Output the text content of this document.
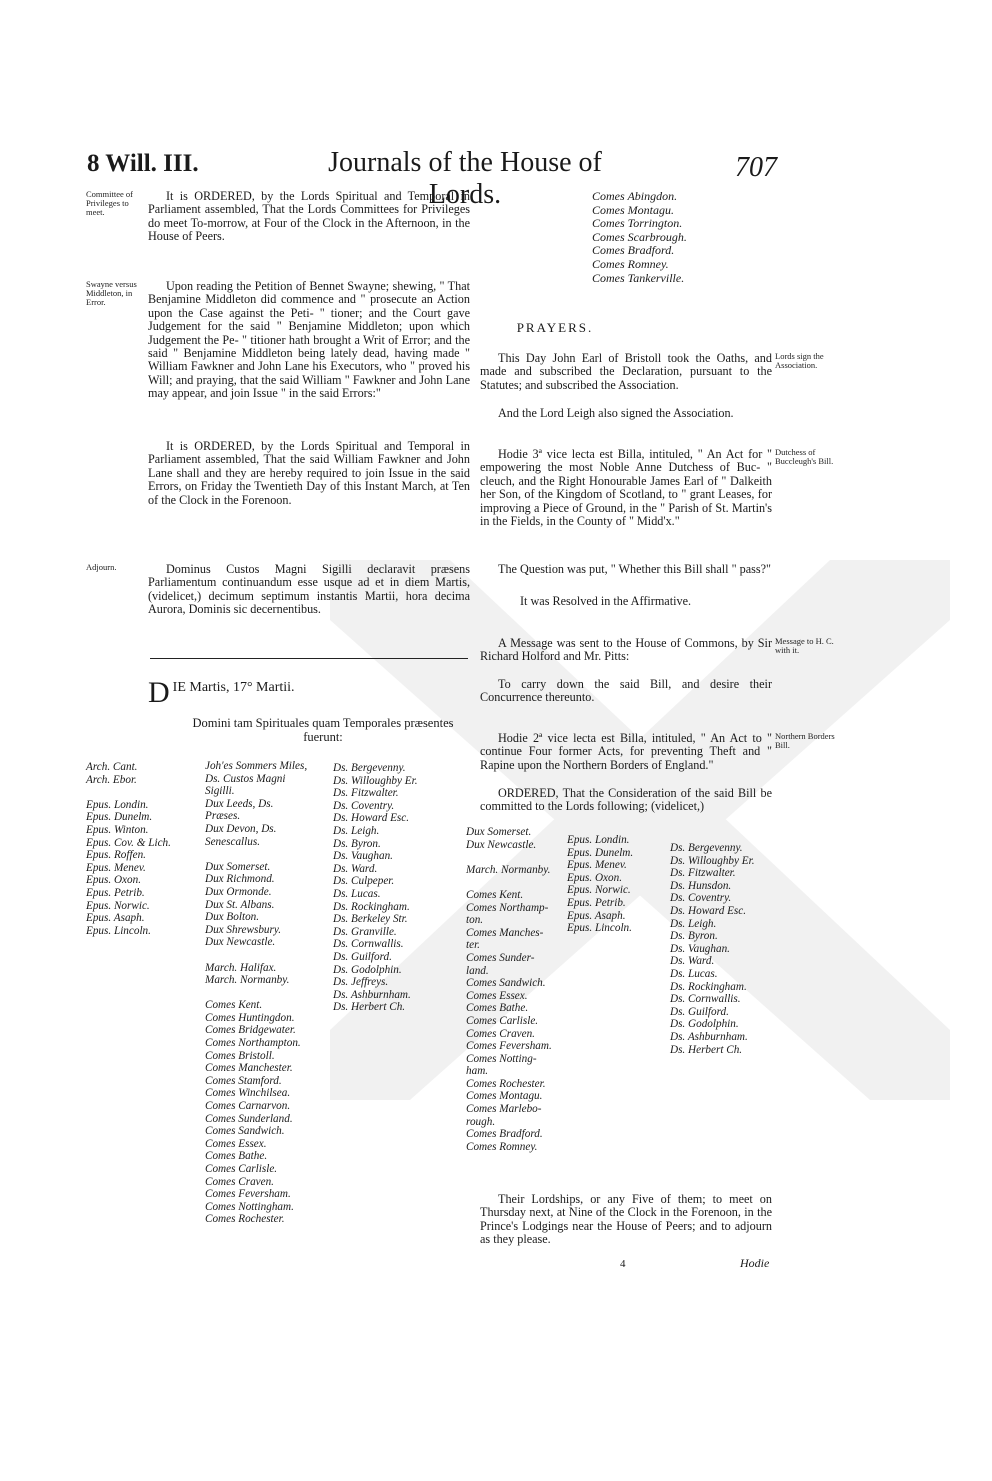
8 Will. III.	Journals of the House of Lords.
707
Committee of Privileges to meet.
Swayne versus Middleton, in Error.
Adjourn.

It is ORDERED, by the Lords Spiritual and Temporal in Parliament assembled, That the Lords Committees for Privileges do meet To-morrow, at Four of the Clock in the Afternoon, in the House of Peers.

Upon reading the Petition of Bennet Swayne; shewing, " That Benjamine Middleton did commence and " prosecute an Action upon the Case against the Peti- " tioner; and the Court gave Judgement for the said " Benjamine Middleton; upon which Judgement the Pe- " titioner hath brought a Writ of Error; and the said " Benjamine Middleton being lately dead, having made " William Fawkner and John Lane his Executors, who " proved his Will; and praying, that the said William " Fawkner and John Lane may appear, and join Issue " in the said Errors:"

It is ORDERED, by the Lords Spiritual and Temporal in Parliament assembled, That the said William Fawkner and John Lane shall and they are hereby required to join Issue in the said Errors, on Friday the Twentieth Day of this Instant March, at Ten of the Clock in the Forenoon.

Dominus Custos Magni Sigilli declaravit præsens Parliamentum continuandum esse usque ad et in diem Martis, (videlicet,) decimum septimum instantis Martii, hora decima Aurora, Dominis sic decernentibus.

D IE Martis, 17° Martii.
Domini tam Spirituales quam Temporales præsentes fuerunt:
Arch. Cant.
Arch. Ebor.

Epus. Londin.
Epus. Dunelm.
Epus. Winton.
Epus. Cov. & Lich.
Epus. Roffen.
Epus. Menev.
Epus. Oxon.
Epus. Petrib.
Epus. Norwic.
Epus. Asaph.
Epus. Lincoln.
Joh'es Sommers Miles,
Ds. Custos Magni
Sigilli.
Dux Leeds, Ds.
Præses.
Dux Devon, Ds.
Senescallus.

Dux Somerset.
Dux Richmond.
Dux Ormonde.
Dux St. Albans.
Dux Bolton.
Dux Shrewsbury.
Dux Newcastle.

March. Halifax.
March. Normanby.

Comes Kent.
Comes Huntingdon.
Comes Bridgewater.
Comes Northampton.
Comes Bristoll.
Comes Manchester.
Comes Stamford.
Comes Winchilsea.
Comes Carnarvon.
Comes Sunderland.
Comes Sandwich.
Comes Essex.
Comes Bathe.
Comes Carlisle.
Comes Craven.
Comes Feversham.
Comes Nottingham.
Comes Rochester.
Ds. Bergevenny.
Ds. Willoughby Er.
Ds. Fitzwalter.
Ds. Coventry.
Ds. Howard Esc.
Ds. Leigh.
Ds. Byron.
Ds. Vaughan.
Ds. Ward.
Ds. Culpeper.
Ds. Lucas.
Ds. Rockingham.
Ds. Berkeley Str.
Ds. Granville.
Ds. Cornwallis.
Ds. Guilford.
Ds. Godolphin.
Ds. Jeffreys.
Ds. Ashburnham.
Ds. Herbert Ch.
Comes Abingdon.
Comes Montagu.
Comes Torrington.
Comes Scarbrough.
Comes Bradford.
Comes Romney.
Comes Tankerville.
PRAYERS.

This Day John Earl of Bristoll took the Oaths, and made and subscribed the Declaration, pursuant to the Statutes; and subscribed the Association.

And the Lord Leigh also signed the Association.

Hodie 3ª vice lecta est Billa, intituled, " An Act for " empowering the most Noble Anne Dutchess of Buc- " cleuch, and the Right Honourable James Earl of " Dalkeith her Son, of the Kingdom of Scotland, to " grant Leases, for improving a Piece of Ground, in the " Parish of St. Martin's in the Fields, in the County of " Midd'x."

The Question was put, " Whether this Bill shall " pass?"

It was Resolved in the Affirmative.

A Message was sent to the House of Commons, by Sir Richard Holford and Mr. Pitts:

To carry down the said Bill, and desire their Concurrence thereunto.

Hodie 2ª vice lecta est Billa, intituled, " An Act to " continue Four former Acts, for preventing Theft and " Rapine upon the Northern Borders of England."

ORDERED, That the Consideration of the said Bill be committed to the Lords following; (videlicet,)

Lords sign the Association.
Dutchess of Buccleugh's Bill.
Message to H. C. with it.
Northern Borders Bill.
Dux Somerset.
Dux Newcastle.

March. Normanby.

Comes Kent.
Comes Northamp-
ton.
Comes Manches-
ter.
Comes Sunder-
land.
Comes Sandwich.
Comes Essex.
Comes Bathe.
Comes Carlisle.
Comes Craven.
Comes Feversham.
Comes Notting-
ham.
Comes Rochester.
Comes Montagu.
Comes Marlebo-
rough.
Comes Bradford.
Comes Romney.
Epus. Londin.
Epus. Dunelm.
Epus. Menev.
Epus. Oxon.
Epus. Norwic.
Epus. Petrib.
Epus. Asaph.
Epus. Lincoln.
Ds. Bergevenny.
Ds. Willoughby Er.
Ds. Fitzwalter.
Ds. Hunsdon.
Ds. Coventry.
Ds. Howard Esc.
Ds. Leigh.
Ds. Byron.
Ds. Vaughan.
Ds. Ward.
Ds. Lucas.
Ds. Rockingham.
Ds. Cornwallis.
Ds. Guilford.
Ds. Godolphin.
Ds. Ashburnham.
Ds. Herbert Ch.

Their Lordships, or any Five of them; to meet on Thursday next, at Nine of the Clock in the Forenoon, in the Prince's Lodgings near the House of Peers; and to adjourn as they please.

4	Hodie
